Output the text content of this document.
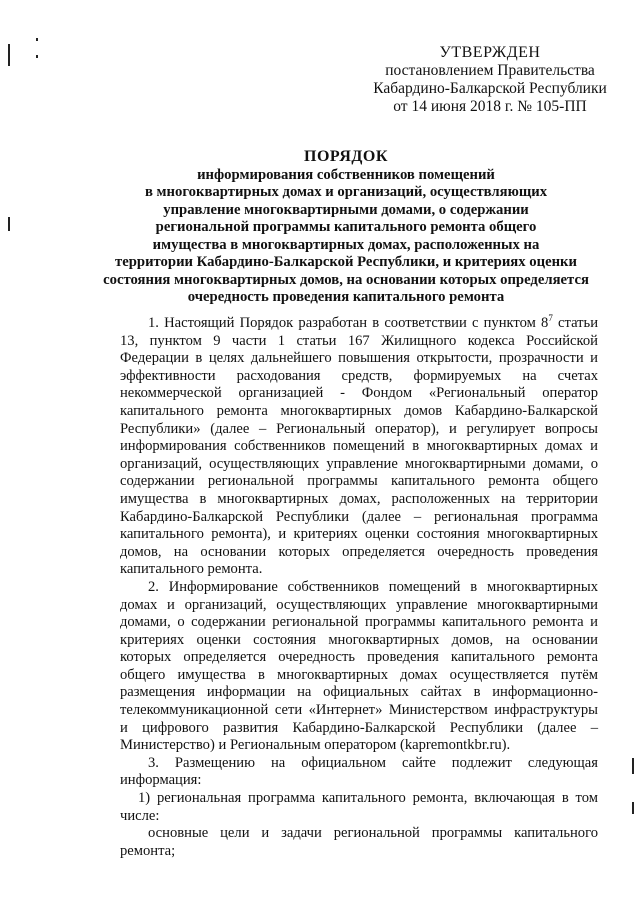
УТВЕРЖДЕН
постановлением Правительства
Кабардино-Балкарской Республики
от 14 июня 2018 г. № 105-ПП
ПОРЯДОК
информирования собственников помещений
в многоквартирных домах и организаций, осуществляющих
управление многоквартирными домами, о содержании
региональной программы капитального ремонта общего
имущества в многоквартирных домах, расположенных на
территории Кабардино-Балкарской Республики, и критериях оценки
состояния многоквартирных домов, на основании которых определяется
очередность проведения капитального ремонта

1. Настоящий Порядок разработан в соответствии с пунктом $8^7$ статьи 13, пунктом 9 части 1 статьи 167 Жилищного кодекса Российской Федерации в целях дальнейшего повышения открытости, прозрачности и эффективности расходования средств, формируемых на счетах некоммерческой организацией - Фондом «Региональный оператор капитального ремонта многоквартирных домов Кабардино-Балкарской Республики» (далее – Региональный оператор), и регулирует вопросы информирования собственников помещений в многоквартирных домах и организаций, осуществляющих управление многоквартирными домами, о содержании региональной программы капитального ремонта общего имущества в многоквартирных домах, расположенных на территории Кабардино-Балкарской Республики (далее – региональная программа капитального ремонта), и критериях оценки состояния многоквартирных домов, на основании которых определяется очередность проведения капитального ремонта.

2. Информирование собственников помещений в многоквартирных домах и организаций, осуществляющих управление многоквартирными домами, о содержании региональной программы капитального ремонта и критериях оценки состояния многоквартирных домов, на основании которых определяется очередность проведения капитального ремонта общего имущества в многоквартирных домах осуществляется путём размещения информации на официальных сайтах в информационно-телекоммуникационной сети «Интернет» Министерством инфраструктуры и цифрового развития Кабардино-Балкарской Республики (далее – Министерство) и Региональным оператором (kapremontkbr.ru).

3. Размещению на официальном сайте подлежит следующая информация:

1) региональная программа капитального ремонта, включающая в том числе:

основные цели и задачи региональной программы капитального ремонта;
